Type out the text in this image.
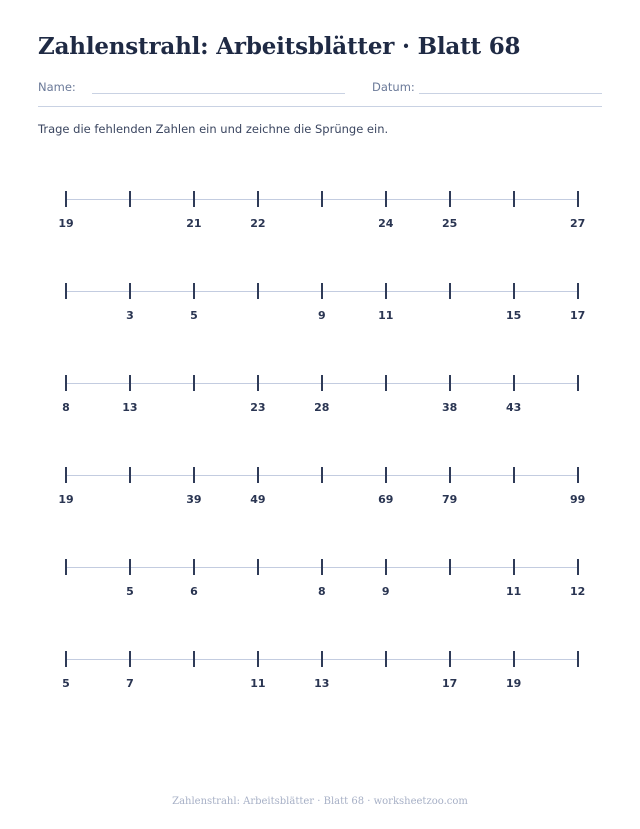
Zahlenstrahl: Arbeitsblätter · Blatt 68
Name:	Datum:
Trage die fehlenden Zahlen ein und zeichne die Sprünge ein.
19	21	22	24	25	27
3	5	9	11	15	17
8	13	23	28	38	43
19	39	49	69	79	99
5	6	8	9	11	12
5	7	11	13	17	19
Zahlenstrahl: Arbeitsblätter · Blatt 68 · worksheetzoo.com
